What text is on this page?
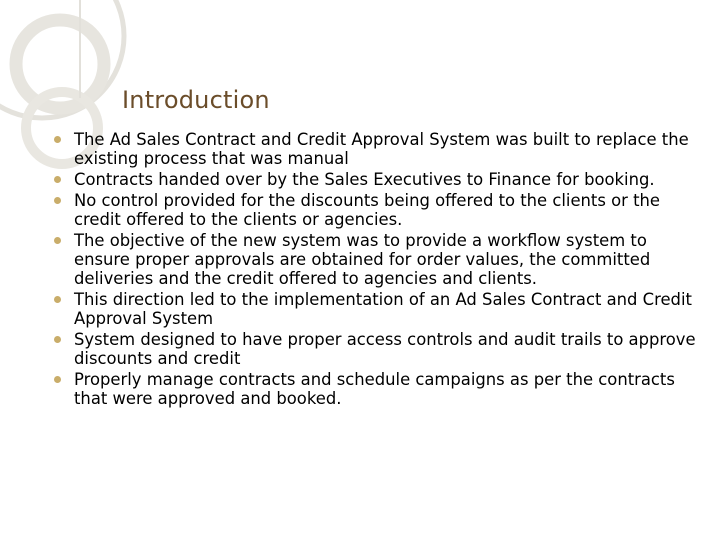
Introduction
The Ad Sales Contract and Credit Approval System was built to replace the existing process that was manual
Contracts handed over by the Sales Executives to Finance for booking.
No control provided for the discounts being offered to the clients or the credit offered to the clients or agencies.
The objective of the new system was to provide a workflow system to ensure proper approvals are obtained for order values, the committed deliveries and the credit offered to agencies and clients.
This direction led to the implementation of an Ad Sales Contract and Credit Approval System
System designed to have proper access controls and audit trails to approve discounts and credit
Properly manage contracts and schedule campaigns as per the contracts that were approved and booked.
